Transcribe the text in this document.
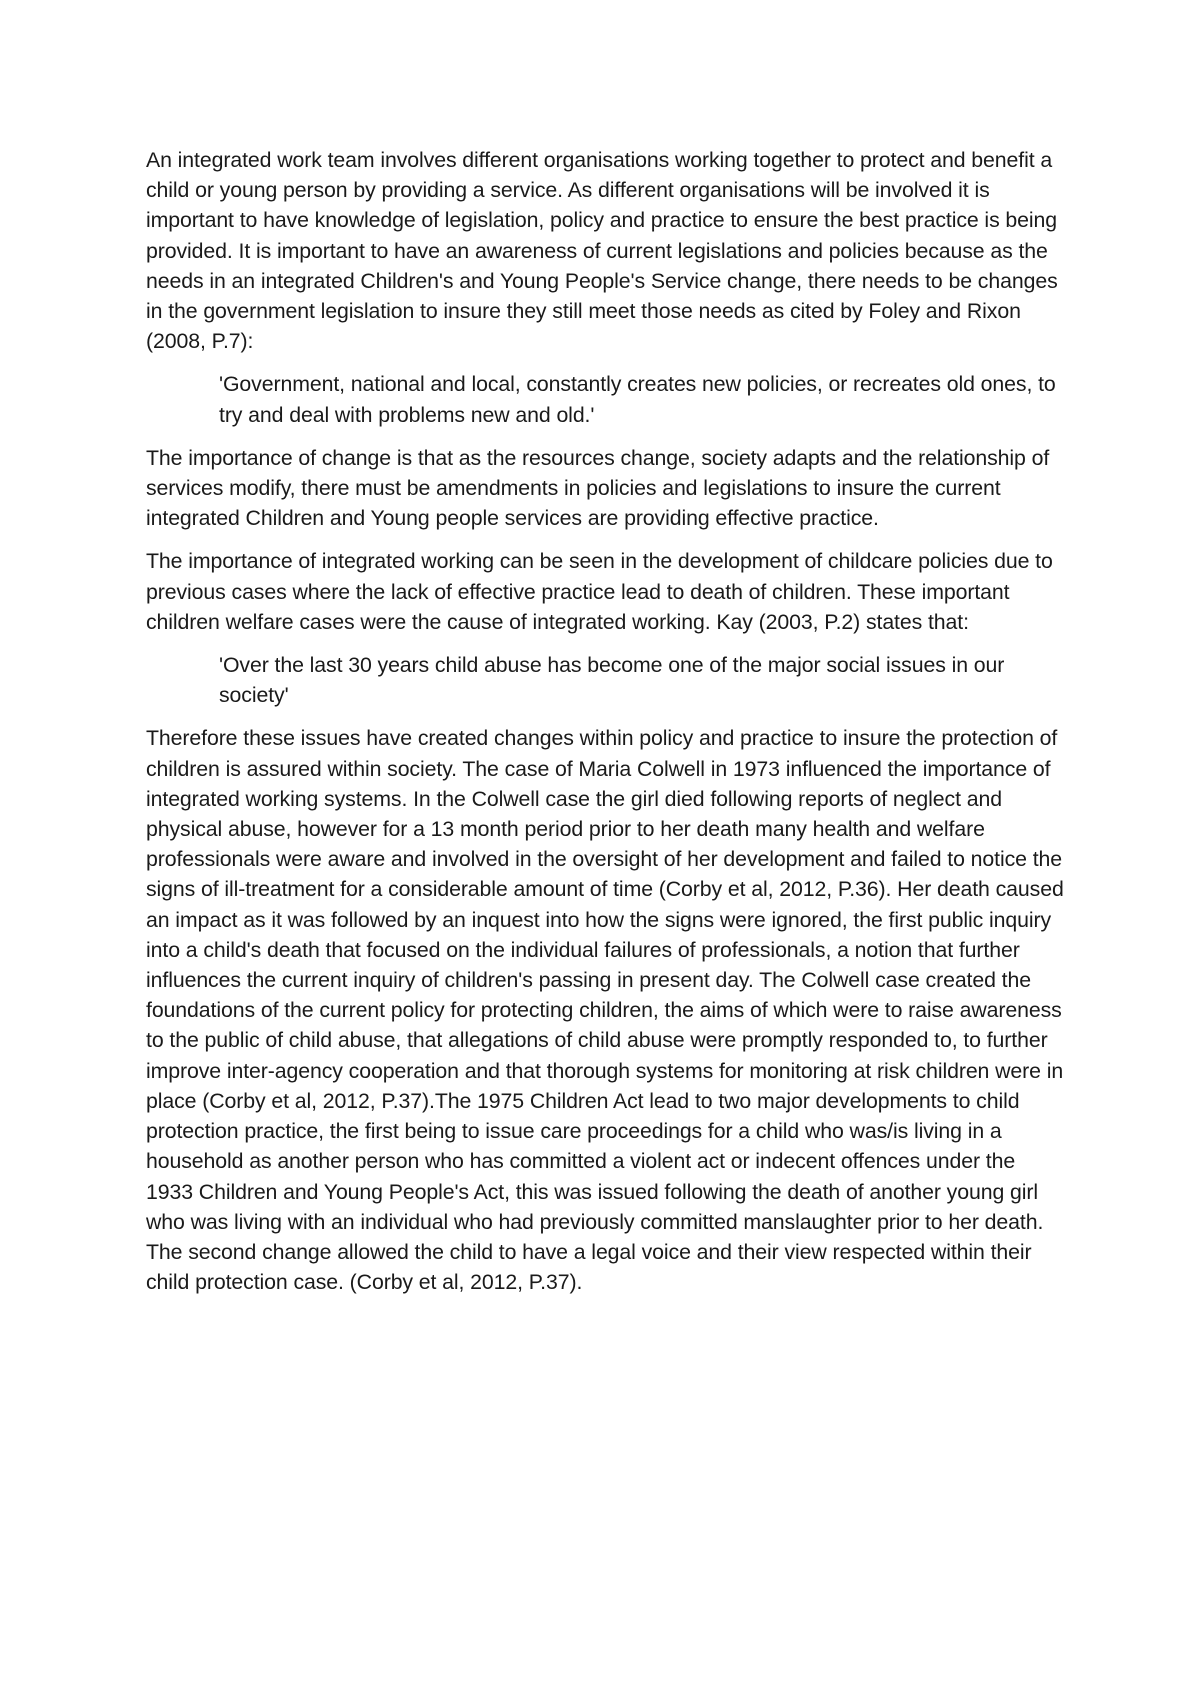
An integrated work team involves different organisations working together to protect and benefit a child or young person by providing a service. As different organisations will be involved it is important to have knowledge of legislation, policy and practice to ensure the best practice is being provided. It is important to have an awareness of current legislations and policies because as the needs in an integrated Children's and Young People's Service change, there needs to be changes in the government legislation to insure they still meet those needs as cited by Foley and Rixon (2008, P.7):

'Government, national and local, constantly creates new policies, or recreates old ones, to try and deal with problems new and old.'

The importance of change is that as the resources change, society adapts and the relationship of services modify, there must be amendments in policies and legislations to insure the current integrated Children and Young people services are providing effective practice.

The importance of integrated working can be seen in the development of childcare policies due to previous cases where the lack of effective practice lead to death of children. These important children welfare cases were the cause of integrated working. Kay (2003, P.2) states that:

'Over the last 30 years child abuse has become one of the major social issues in our society'

Therefore these issues have created changes within policy and practice to insure the protection of children is assured within society. The case of Maria Colwell in 1973 influenced the importance of integrated working systems. In the Colwell case the girl died following reports of neglect and physical abuse, however for a 13 month period prior to her death many health and welfare professionals were aware and involved in the oversight of her development and failed to notice the signs of ill-treatment for a considerable amount of time (Corby et al, 2012, P.36). Her death caused an impact as it was followed by an inquest into how the signs were ignored, the first public inquiry into a child's death that focused on the individual failures of professionals, a notion that further influences the current inquiry of children's passing in present day. The Colwell case created the foundations of the current policy for protecting children, the aims of which were to raise awareness to the public of child abuse, that allegations of child abuse were promptly responded to, to further improve inter-agency cooperation and that thorough systems for monitoring at risk children were in place (Corby et al, 2012, P.37).The 1975 Children Act lead to two major developments to child protection practice, the first being to issue care proceedings for a child who was/is living in a household as another person who has committed a violent act or indecent offences under the 1933 Children and Young People's Act, this was issued following the death of another young girl who was living with an individual who had previously committed manslaughter prior to her death. The second change allowed the child to have a legal voice and their view respected within their child protection case. (Corby et al, 2012, P.37).
